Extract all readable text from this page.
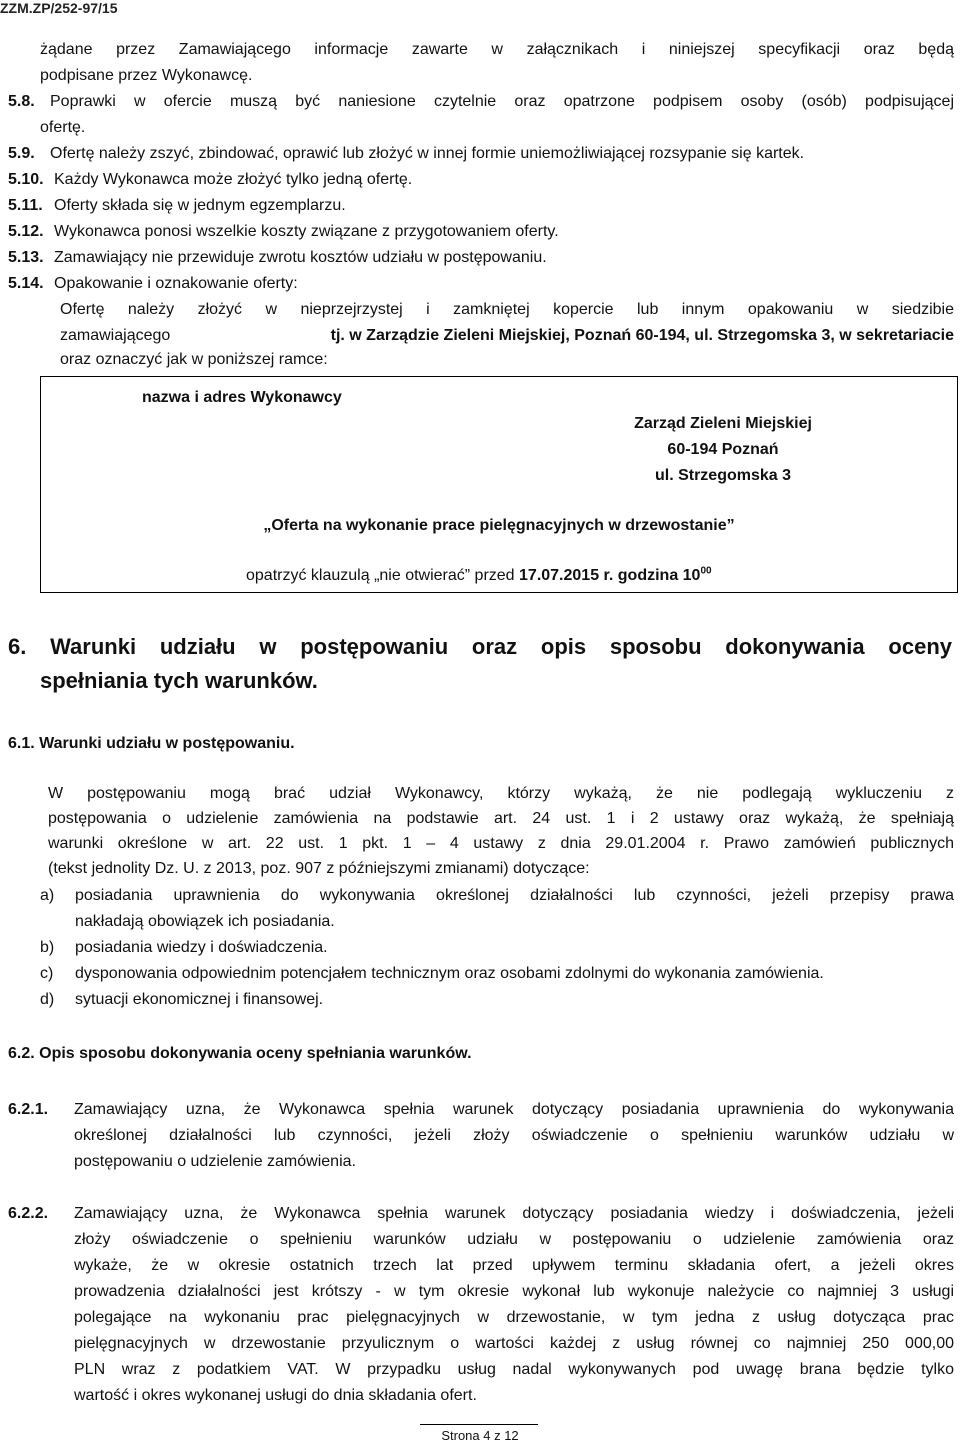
ZZM.ZP/252-97/15
żądane przez Zamawiającego informacje zawarte w załącznikach i niniejszej specyfikacji oraz będą
podpisane przez Wykonawcę.
5.8. Poprawki w ofercie muszą być naniesione czytelnie oraz opatrzone podpisem osoby (osób) podpisującej
ofertę.
5.9. Ofertę należy zszyć, zbindować, oprawić lub złożyć w innej formie uniemożliwiającej rozsypanie się kartek.
5.10. Każdy Wykonawca może złożyć tylko jedną ofertę.
5.11. Oferty składa się w jednym egzemplarzu.
5.12. Wykonawca ponosi wszelkie koszty związane z przygotowaniem oferty.
5.13. Zamawiający nie przewiduje zwrotu kosztów udziału w postępowaniu.
5.14. Opakowanie i oznakowanie oferty:
Ofertę należy złożyć w nieprzejrzystej i zamkniętej kopercie lub innym opakowaniu w siedzibie
zamawiającego	tj. w Zarządzie Zieleni Miejskiej, Poznań 60-194, ul. Strzegomska 3, w sekretariacie
oraz oznaczyć jak w poniższej ramce:
nazwa i adres Wykonawcy
Zarząd Zieleni Miejskiej
60-194 Poznań
ul. Strzegomska 3
„Oferta na wykonanie prace pielęgnacyjnych w drzewostanie”
opatrzyć klauzulą „nie otwierać” przed 17.07.2015 r. godzina $10^{00}$
6. Warunki udziału w postępowaniu oraz opis sposobu dokonywania oceny
spełniania tych warunków.
6.1. Warunki udziału w postępowaniu.
W postępowaniu mogą brać udział Wykonawcy, którzy wykażą, że nie podlegają wykluczeniu z
postępowania o udzielenie zamówienia na podstawie art. 24 ust. 1 i 2 ustawy oraz wykażą, że spełniają
warunki określone w art. 22 ust. 1 pkt. 1 – 4 ustawy z dnia 29.01.2004 r. Prawo zamówień publicznych
(tekst jednolity Dz. U. z 2013, poz. 907 z późniejszymi zmianami) dotyczące:
a) posiadania uprawnienia do wykonywania określonej działalności lub czynności, jeżeli przepisy prawa
nakładają obowiązek ich posiadania.
b) posiadania wiedzy i doświadczenia.
c) dysponowania odpowiednim potencjałem technicznym oraz osobami zdolnymi do wykonania zamówienia.
d) sytuacji ekonomicznej i finansowej.
6.2. Opis sposobu dokonywania oceny spełniania warunków.
6.2.1. Zamawiający uzna, że Wykonawca spełnia warunek dotyczący posiadania uprawnienia do wykonywania
określonej działalności lub czynności, jeżeli złoży oświadczenie o spełnieniu warunków udziału w
postępowaniu o udzielenie zamówienia.
6.2.2. Zamawiający uzna, że Wykonawca spełnia warunek dotyczący posiadania wiedzy i doświadczenia, jeżeli
złoży oświadczenie o spełnieniu warunków udziału w postępowaniu o udzielenie zamówienia oraz
wykaże, że w okresie ostatnich trzech lat przed upływem terminu składania ofert, a jeżeli okres
prowadzenia działalności jest krótszy - w tym okresie wykonał lub wykonuje należycie co najmniej 3 usługi
polegające na wykonaniu prac pielęgnacyjnych w drzewostanie, w tym jedna z usług dotycząca prac
pielęgnacyjnych w drzewostanie przyulicznym o wartości każdej z usług równej co najmniej 250 000,00
PLN wraz z podatkiem VAT. W przypadku usług nadal wykonywanych pod uwagę brana będzie tylko
wartość i okres wykonanej usługi do dnia składania ofert.
Strona 4 z 12
